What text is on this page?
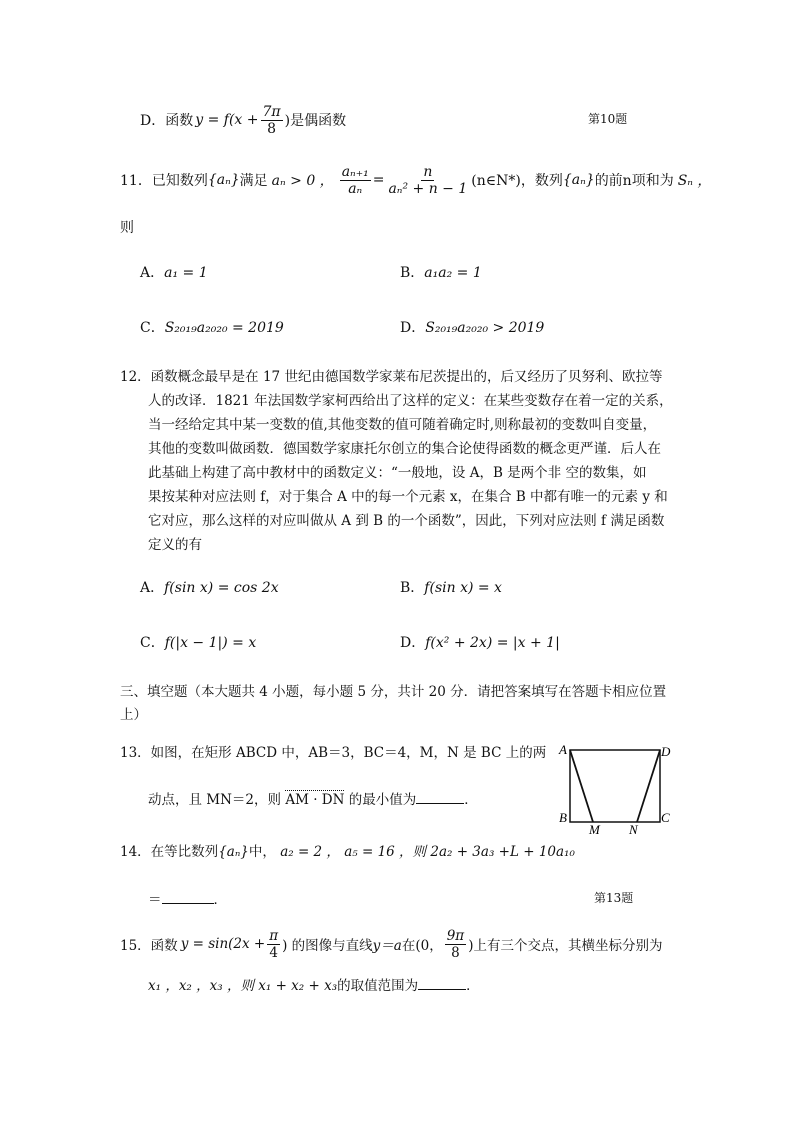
D．函数 $y = f(x + \frac{7\pi}{8}$ )是偶函数	第10题
11．已知数列 {aₙ} 满足 aₙ > 0 ， $\frac{\text{aₙ₊₁}}{\text{aₙ}} = \frac{n}{\text{aₙ² + n − 1}}$ (n∈N*)，数列 {aₙ} 的前n项和为 Sₙ ，
则
A．a₁ = 1	B．a₁a₂ = 1
C．S₂₀₁₉a₂₀₂₀ = 2019	D．S₂₀₁₉a₂₀₂₀ > 2019
12．函数概念最早是在 17 世纪由德国数学家莱布尼茨提出的，后又经历了贝努利、欧拉等
人的改译．1821 年法国数学家柯西给出了这样的定义：在某些变数存在着一定的关系，
当一经给定其中某一变数的值,其他变数的值可随着确定时,则称最初的变数叫自变量，
其他的变数叫做函数．德国数学家康托尔创立的集合论使得函数的概念更严谨．后人在
此基础上构建了高中教材中的函数定义：“一般地，设 A，B 是两个非 空的数集，如
果按某种对应法则 f，对于集合 A 中的每一个元素 x，在集合 B 中都有唯一的元素 y 和
它对应，那么这样的对应叫做从 A 到 B 的一个函数”，因此，下列对应法则 f 满足函数
定义的有
A．f(sin x) = cos 2x	B．f(sin x) = x
C．f(|x − 1|) = x	D．f(x² + 2x) = |x + 1|
三、填空题（本大题共 4 小题，每小题 5 分，共计 20 分．请把答案填写在答题卡相应位置
上）
13．如图，在矩形 ABCD 中，AB＝3，BC＝4，M，N 是 BC 上的两
动点，且 MN＝2，则 AM · DN 的最小值为	．
A	D
B	C
M N
14．在等比数列{aₙ}中， a₂ = 2 ， a₅ = 16 ，则 2a₂ + 3a₃ +L + 10a₁₀
＝	．	第13题
15．函数 $y = \sin(2x + \frac{\pi}{4}$ ) 的图像与直线 y＝a 在(0， $\frac{9\pi}{8}$ )上有三个交点，其横坐标分别为
x₁ ，x₂ ，x₃ ，则 x₁ + x₂ + x₃的取值范围为	．
